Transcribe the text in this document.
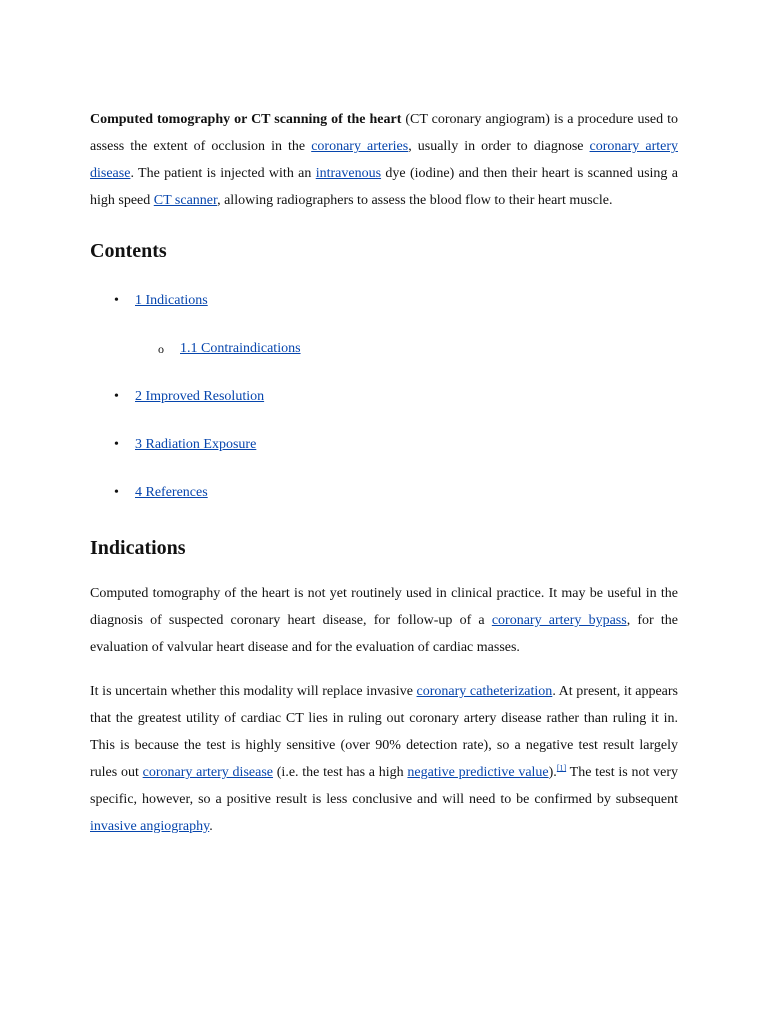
Computed tomography or CT scanning of the heart (CT coronary angiogram) is a procedure used to assess the extent of occlusion in the coronary arteries, usually in order to diagnose coronary artery disease. The patient is injected with an intravenous dye (iodine) and then their heart is scanned using a high speed CT scanner, allowing radiographers to assess the blood flow to their heart muscle.

Contents
• 1 Indications
o 1.1 Contraindications
• 2 Improved Resolution
• 3 Radiation Exposure
• 4 References
Indications

Computed tomography of the heart is not yet routinely used in clinical practice. It may be useful in the diagnosis of suspected coronary heart disease, for follow-up of a coronary artery bypass, for the evaluation of valvular heart disease and for the evaluation of cardiac masses.

It is uncertain whether this modality will replace invasive coronary catheterization. At present, it appears that the greatest utility of cardiac CT lies in ruling out coronary artery disease rather than ruling it in. This is because the test is highly sensitive (over 90% detection rate), so a negative test result largely rules out coronary artery disease (i.e. the test has a high negative predictive value).[1] The test is not very specific, however, so a positive result is less conclusive and will need to be confirmed by subsequent invasive angiography.
